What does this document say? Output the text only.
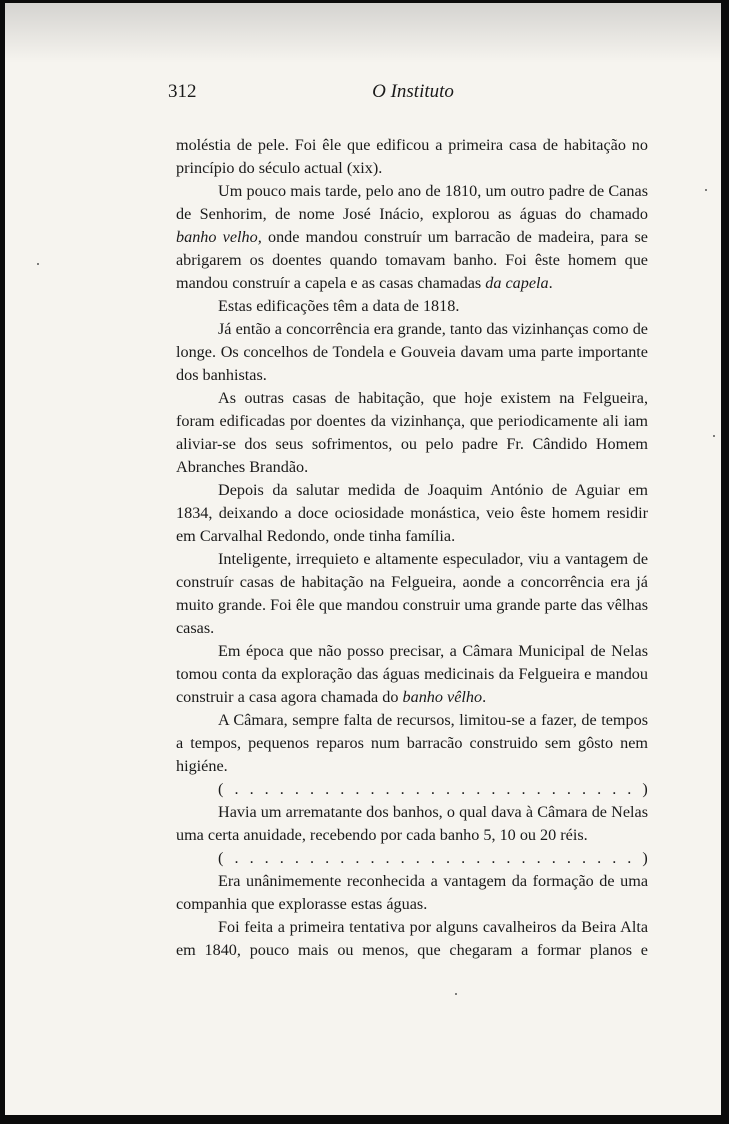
312	O Instituto

moléstia de pele. Foi êle que edificou a primeira casa de habitação no princípio do século actual (xix).

Um pouco mais tarde, pelo ano de 1810, um outro padre de Canas de Senhorim, de nome José Inácio, explorou as águas do chamado banho velho, onde mandou construír um barracão de madeira, para se abrigarem os doentes quando tomavam banho. Foi êste homem que mandou construír a capela e as casas chamadas da capela.

Estas edificações têm a data de 1818.

Já então a concorrência era grande, tanto das vizinhanças como de longe. Os concelhos de Tondela e Gouveia davam uma parte importante dos banhistas.

As outras casas de habitação, que hoje existem na Felgueira, foram edificadas por doentes da vizinhança, que periodicamente ali iam aliviar-se dos seus sofrimentos, ou pelo padre Fr. Cândido Homem Abranches Brandão.

Depois da salutar medida de Joaquim António de Aguiar em 1834, deixando a doce ociosidade monástica, veio êste homem residir em Carvalhal Redondo, onde tinha família.

Inteligente, irrequieto e altamente especulador, viu a vantagem de construír casas de habitação na Felgueira, aonde a concorrência era já muito grande. Foi êle que mandou construir uma grande parte das vêlhas casas.

Em época que não posso precisar, a Câmara Municipal de Nelas tomou conta da exploração das águas medicinais da Felgueira e mandou construir a casa agora chamada do banho vêlho.

A Câmara, sempre falta de recursos, limitou-se a fazer, de tempos a tempos, pequenos reparos num barracão construido sem gôsto nem higiéne.

( . . . . . . . . . . . . . . . . . . . . . . . . . . . )

Havia um arrematante dos banhos, o qual dava à Câmara de Nelas uma certa anuidade, recebendo por cada banho 5, 10 ou 20 réis.

( . . . . . . . . . . . . . . . . . . . . . . . . . . . )

Era unânimemente reconhecida a vantagem da formação de uma companhia que explorasse estas águas.

Foi feita a primeira tentativa por alguns cavalheiros da Beira Alta em 1840, pouco mais ou menos, que chegaram a formar planos e
